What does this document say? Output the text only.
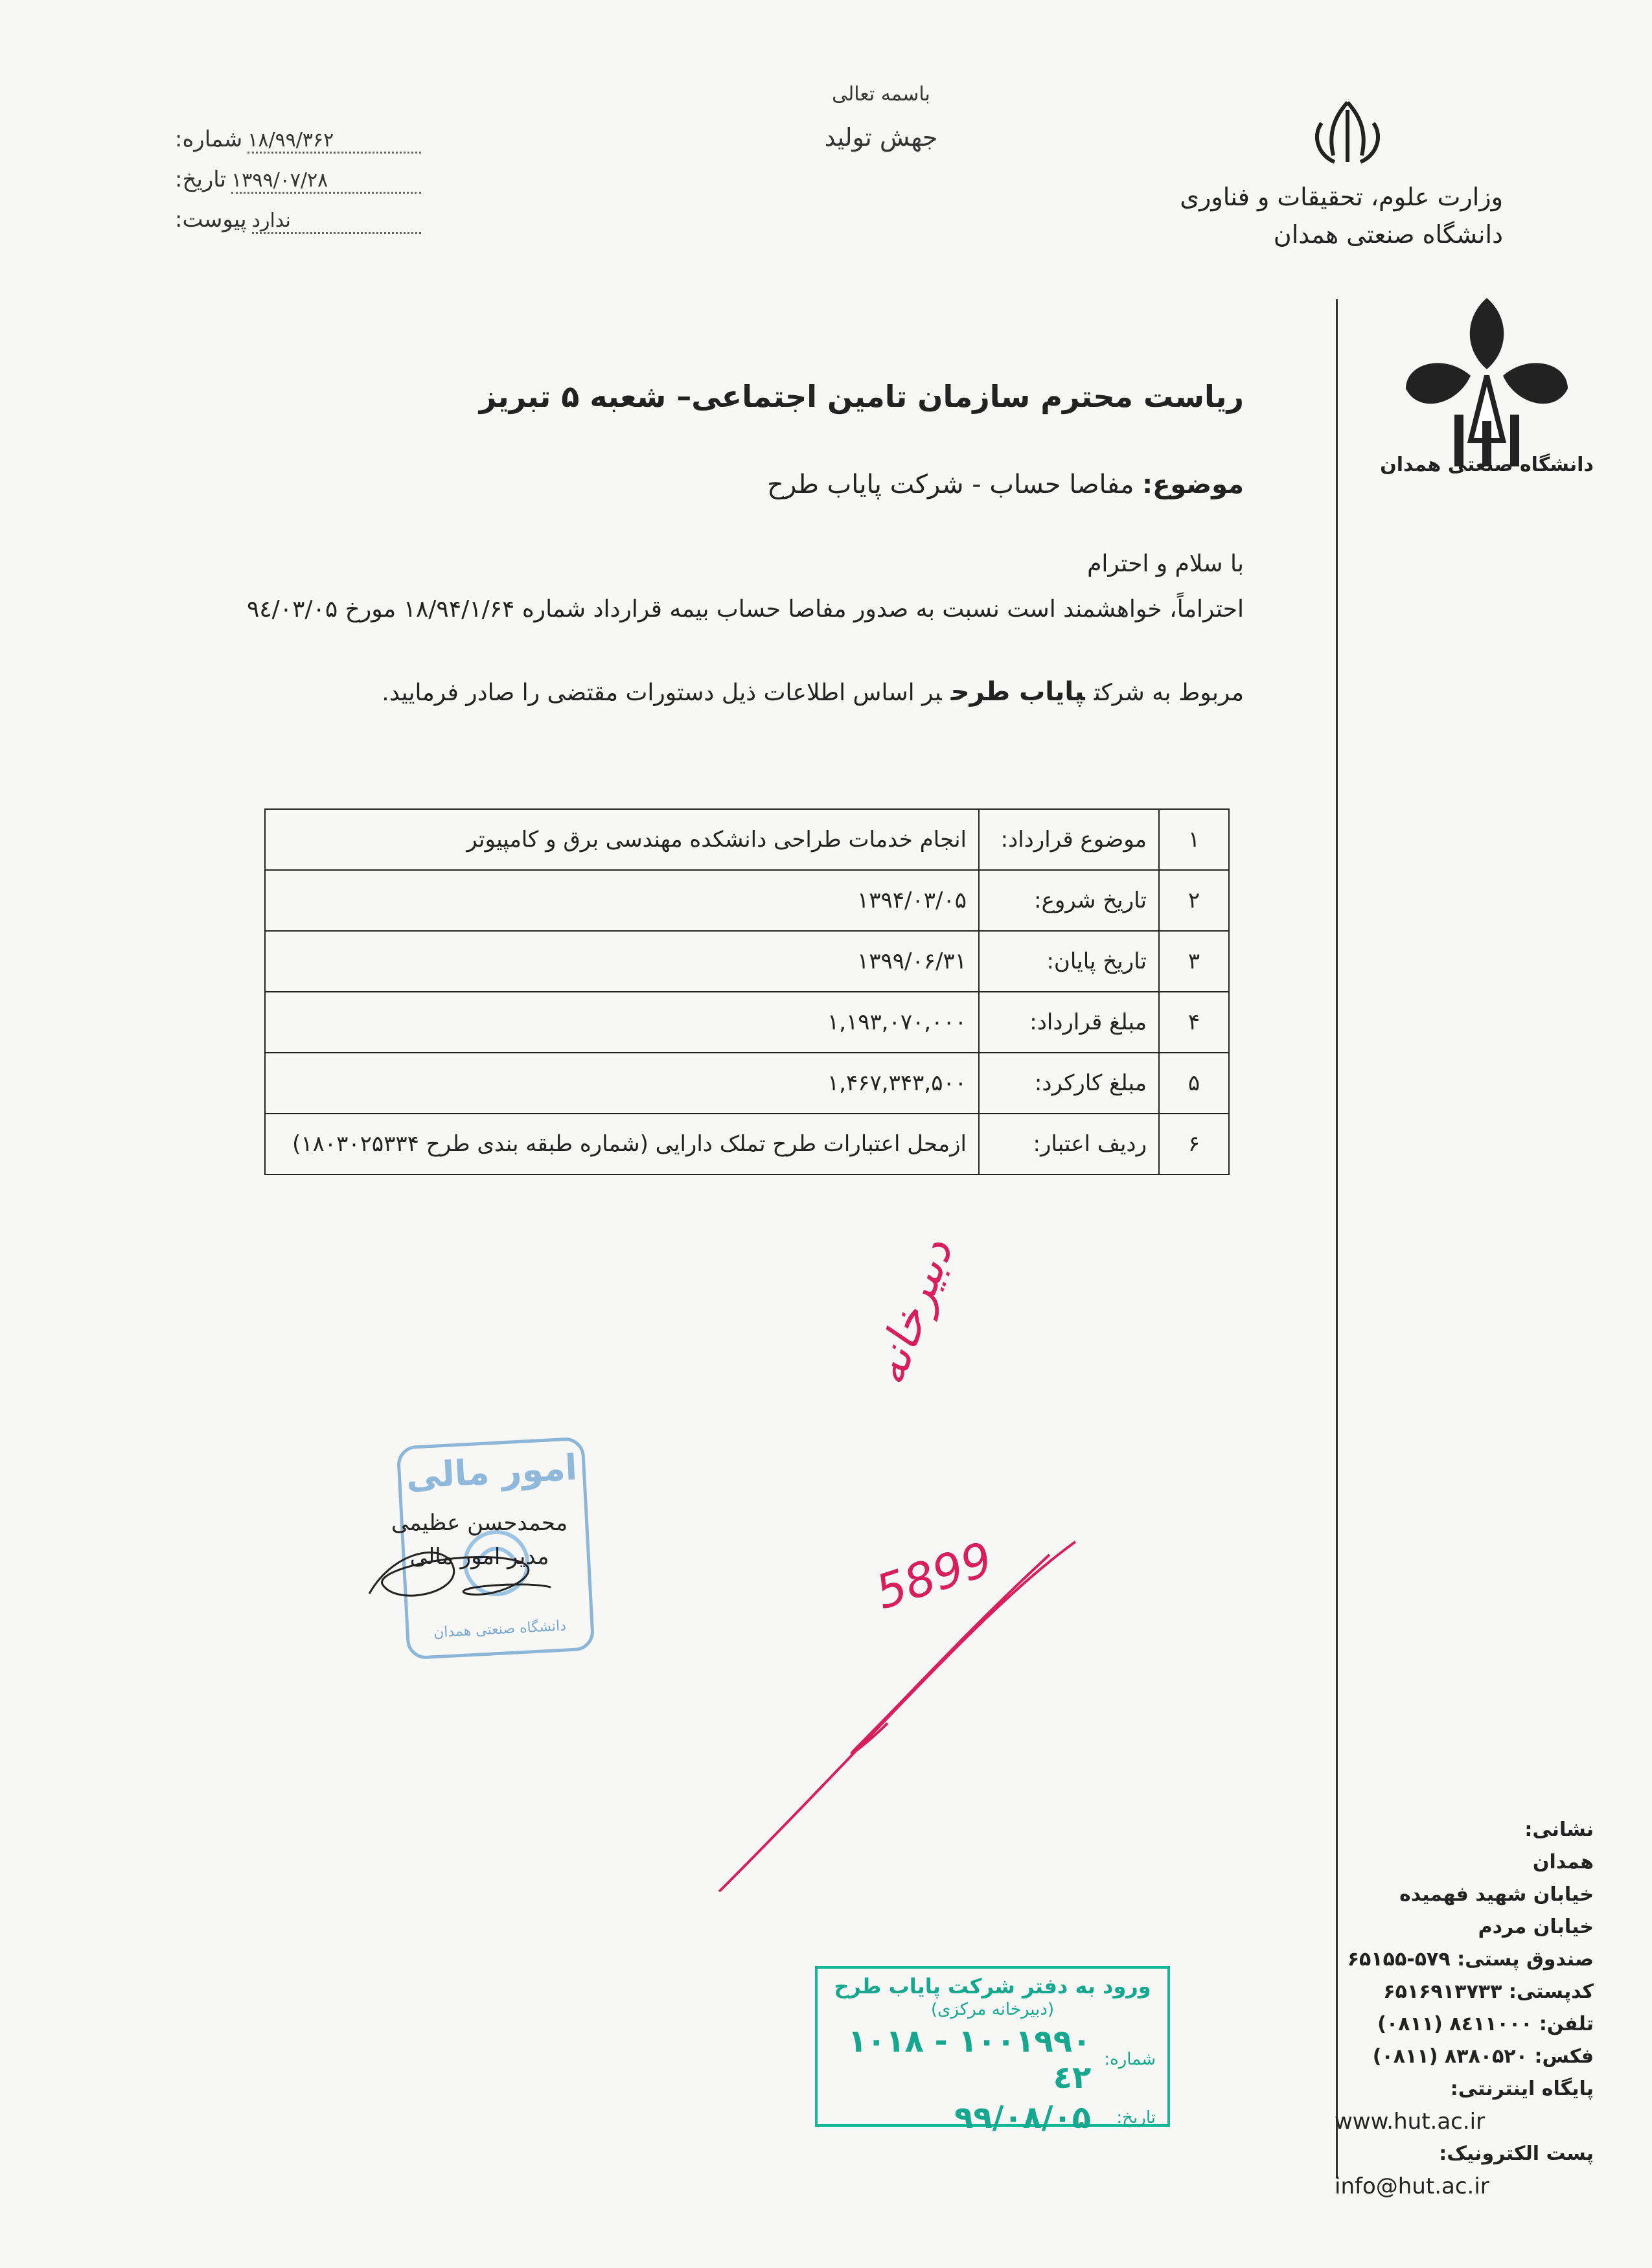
باسمه تعالی
جهش تولید
شماره: ۱۸/۹۹/۳۶۲
تاریخ: ۱۳۹۹/۰۷/۲۸
پیوست: ندارد
وزارت علوم، تحقیقات و فناوری
دانشگاه صنعتی همدان
دانشگاه صنعتی همدان
ریاست محترم سازمان تامین اجتماعی– شعبه ۵ تبریز
موضوع: مفاصا حساب - شرکت پایاب طرح
با سلام و احترام
احتراماً، خواهشمند است نسبت به صدور مفاصا حساب بیمه قرارداد شماره ۱۸/۹۴/۱/۶۴ مورخ ۹٤/۰۳/۰۵
مربوط به شرکتپایاب طرحبر اساس اطلاعات ذیل دستورات مقتضی را صادر فرمایید.
۱	موضوع قرارداد:	انجام خدمات طراحی دانشکده مهندسی برق و کامپیوتر
۲	تاریخ شروع:	۱۳۹۴/۰۳/۰۵
۳	تاریخ پایان:	۱۳۹۹/۰۶/۳۱
۴	مبلغ قرارداد:	۱,۱۹۳,۰۷۰,۰۰۰
۵	مبلغ کارکرد:	۱,۴۶۷,۳۴۳,۵۰۰
۶	ردیف اعتبار:	ازمحل اعتبارات طرح تملک دارایی (شماره طبقه بندی طرح ۱۸۰۳۰۲۵۳۳۴)
امور مالی
دانشگاه صنعتی همدان
محمدحسن عظیمی
مدیر امور مالی
دبیرخانه
5899
ورود به دفتر شرکت پایاب طرح
(دبیرخانه مرکزی)
شماره:
۱۰۰۱۹۹۰ - ۱۰۱۸ ٤۲
تاریخ:
۹۹/۰۸/۰۵
نشانی:
همدان
خیابان شهید فهمیده
خیابان مردم
صندوق پستی: ۵۷۹-۶۵۱۵۵
کدپستی: ۶۵۱۶۹۱۳۷۳۳
تلفن: ۸٤۱۱۰۰۰ (۰۸۱۱)
فکس: ۸۳۸۰۵۲۰ (۰۸۱۱)
پایگاه اینترنتی:
www.hut.ac.ir
پست الکترونیک:
info@hut.ac.ir
